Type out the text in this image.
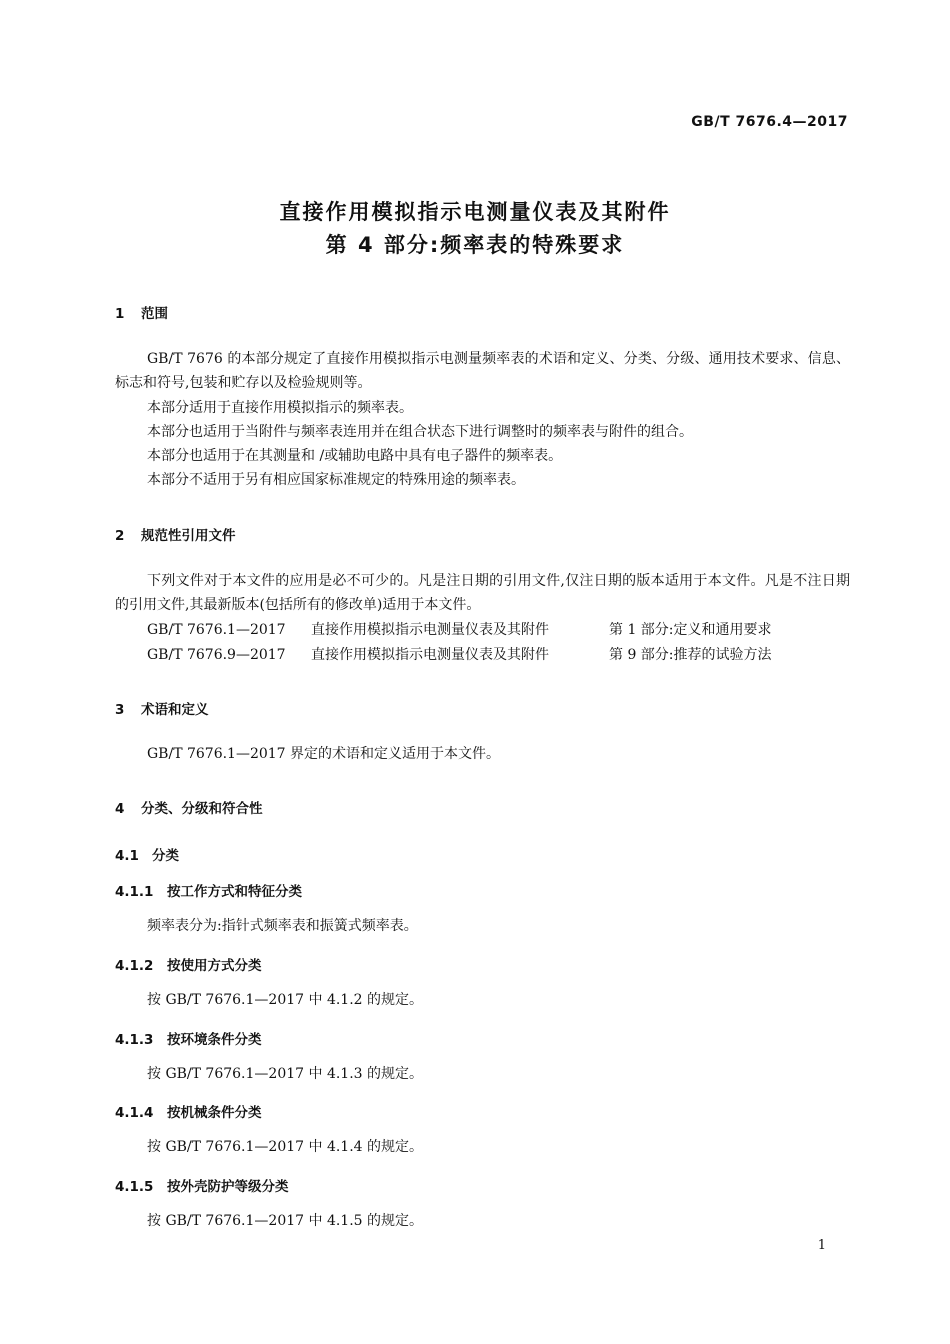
GB/T 7676.4—2017
直接作用模拟指示电测量仪表及其附件
第 4 部分:频率表的特殊要求
1 范围
GB/T 7676 的本部分规定了直接作用模拟指示电测量频率表的术语和定义、分类、分级、通用技术要求、信息、标志和符号,包装和贮存以及检验规则等。
本部分适用于直接作用模拟指示的频率表。
本部分也适用于当附件与频率表连用并在组合状态下进行调整时的频率表与附件的组合。
本部分也适用于在其测量和 /或辅助电路中具有电子器件的频率表。
本部分不适用于另有相应国家标准规定的特殊用途的频率表。
2 规范性引用文件
下列文件对于本文件的应用是必不可少的。凡是注日期的引用文件,仅注日期的版本适用于本文件。凡是不注日期的引用文件,其最新版本(包括所有的修改单)适用于本文件。
GB/T 7676.1—2017 直接作用模拟指示电测量仪表及其附件	第 1 部分:定义和通用要求
GB/T 7676.9—2017 直接作用模拟指示电测量仪表及其附件	第 9 部分:推荐的试验方法
3 术语和定义
GB/T 7676.1—2017 界定的术语和定义适用于本文件。
4 分类、分级和符合性
4.1 分类
4.1.1 按工作方式和特征分类
频率表分为:指针式频率表和振簧式频率表。
4.1.2 按使用方式分类
按 GB/T 7676.1—2017 中 4.1.2 的规定。
4.1.3 按环境条件分类
按 GB/T 7676.1—2017 中 4.1.3 的规定。
4.1.4 按机械条件分类
按 GB/T 7676.1—2017 中 4.1.4 的规定。
4.1.5 按外壳防护等级分类
按 GB/T 7676.1—2017 中 4.1.5 的规定。
1
